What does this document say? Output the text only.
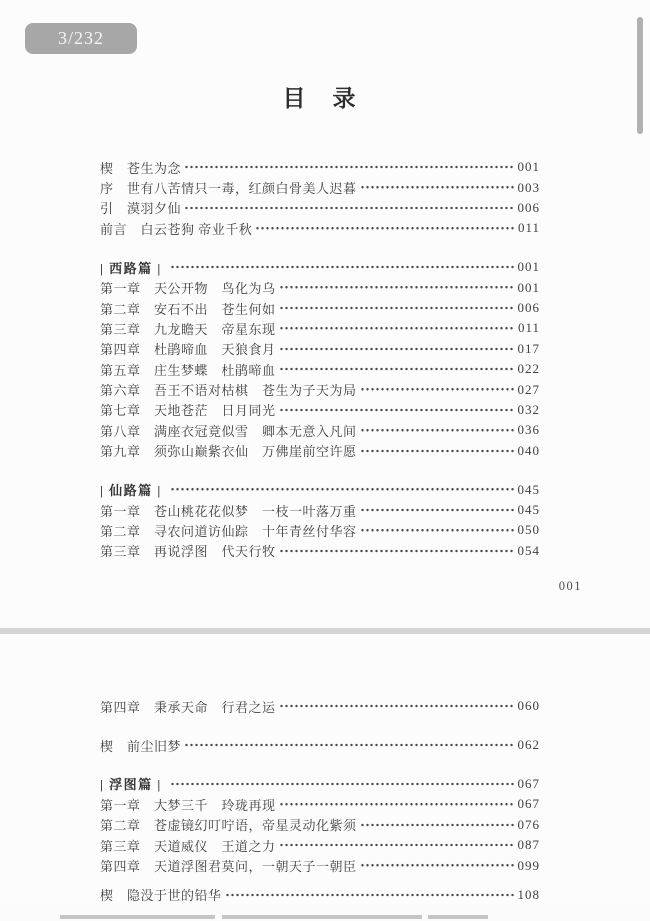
3/232
目　录
楔　苍生为念	001
序　世有八苦情只一毒，红颜白骨美人迟暮	003
引　漠羽夕仙	006
前言　白云苍狗 帝业千秋	011
| 西路篇 |	001
第一章　天公开物　鸟化为乌	001
第二章　安石不出　苍生何如	006
第三章　九龙瞻天　帝星东现	011
第四章　杜鹃啼血　天狼食月	017
第五章　庄生梦蝶　杜鹃啼血	022
第六章　吾王不语对枯棋　苍生为子天为局	027
第七章　天地苍茫　日月同光	032
第八章　满座衣冠竟似雪　卿本无意入凡间	036
第九章　须弥山巅紫衣仙　万佛崖前空许愿	040
| 仙路篇 |	045
第一章　苍山桃花花似梦　一枝一叶落万重	045
第二章　寻农问道访仙踪　十年青丝付华容	050
第三章　再说浮图　代天行牧	054
001
第四章　秉承天命　行君之运	060
楔　前尘旧梦	062
| 浮图篇 |	067
第一章　大梦三千　玲珑再现	067
第二章　苍虚镜幻叮咛语，帝星灵动化紫须	076
第三章　天道威仪　王道之力	087
第四章　天道浮图君莫问，一朝天子一朝臣	099
楔　隐没于世的铅华	108
